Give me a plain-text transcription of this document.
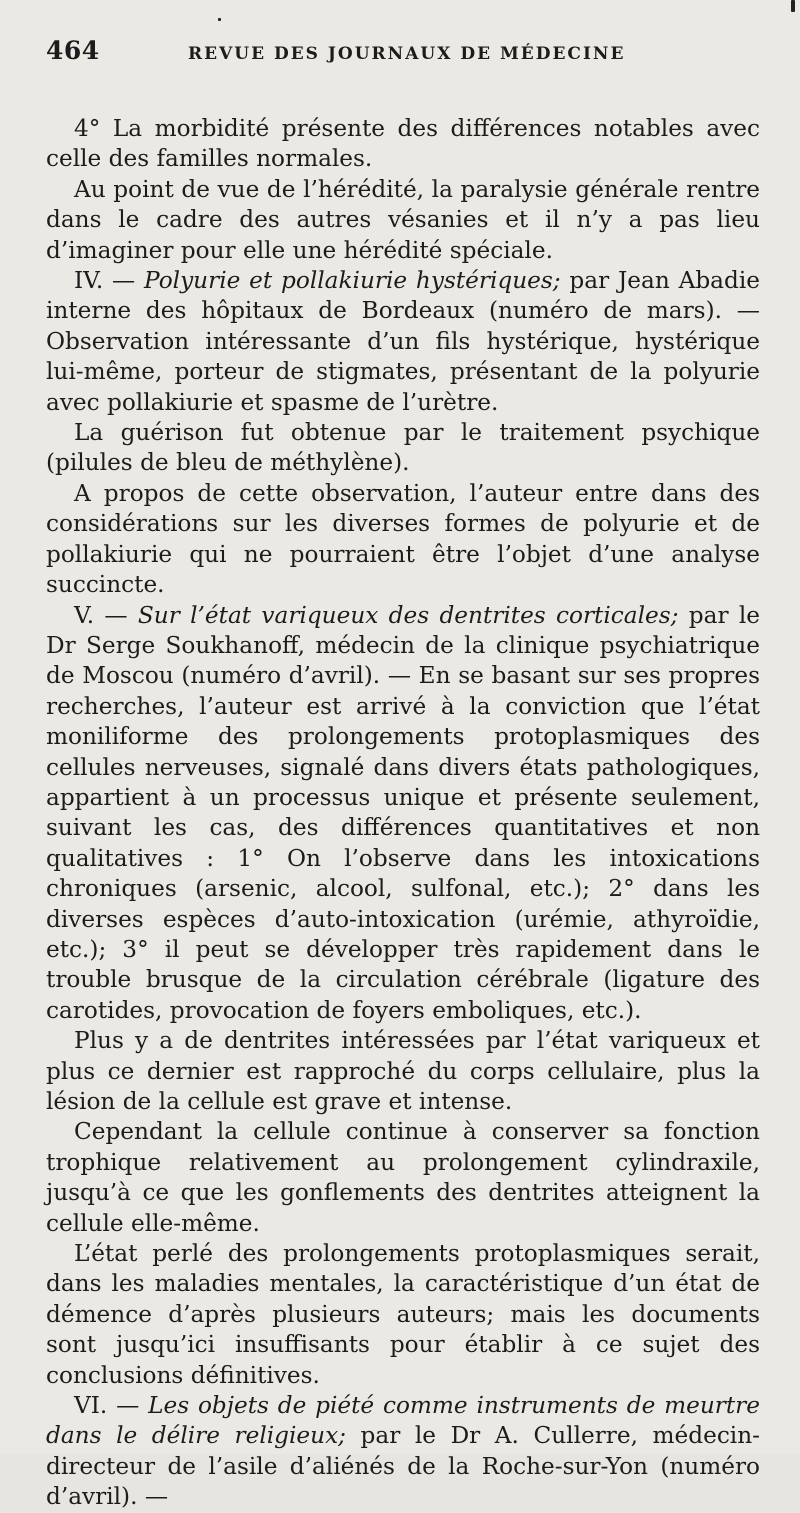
464	REVUE DES JOURNAUX DE MÉDECINE

4° La morbidité présente des différences notables avec celle des familles normales.

Au point de vue de l’hérédité, la paralysie générale rentre dans le cadre des autres vésanies et il n’y a pas lieu d’imaginer pour elle une hérédité spéciale.

IV. — Polyurie et pollakiurie hystériques; par Jean Abadie interne des hôpitaux de Bordeaux (numéro de mars). — Observation intéressante d’un fils hystérique, hystérique lui-même, porteur de stigmates, présentant de la polyurie avec pollakiurie et spasme de l’urètre.

La guérison fut obtenue par le traitement psychique (pilules de bleu de méthylène).

A propos de cette observation, l’auteur entre dans des considérations sur les diverses formes de polyurie et de pollakiurie qui ne pourraient être l’objet d’une analyse succincte.

V. — Sur l’état variqueux des dentrites corticales; par le Dr Serge Soukhanoff, médecin de la clinique psychiatrique de Moscou (numéro d’avril). — En se basant sur ses propres recherches, l’auteur est arrivé à la conviction que l’état moniliforme des prolongements protoplasmiques des cellules nerveuses, signalé dans divers états pathologiques, appartient à un processus unique et présente seulement, suivant les cas, des différences quantitatives et non qualitatives : 1° On l’observe dans les intoxications chroniques (arsenic, alcool, sulfonal, etc.); 2° dans les diverses espèces d’auto-intoxication (urémie, athyroïdie, etc.); 3° il peut se développer très rapidement dans le trouble brusque de la circulation cérébrale (ligature des carotides, provocation de foyers emboliques, etc.).

Plus y a de dentrites intéressées par l’état variqueux et plus ce dernier est rapproché du corps cellulaire, plus la lésion de la cellule est grave et intense.

Cependant la cellule continue à conserver sa fonction trophique relativement au prolongement cylindraxile, jusqu’à ce que les gonflements des dentrites atteignent la cellule elle-même.

L’état perlé des prolongements protoplasmiques serait, dans les maladies mentales, la caractéristique d’un état de démence d’après plusieurs auteurs; mais les documents sont jusqu’ici insuffisants pour établir à ce sujet des conclusions définitives.

VI. — Les objets de piété comme instruments de meurtre dans le délire religieux; par le Dr A. Cullerre, médecin-directeur de l’asile d’aliénés de la Roche-sur-Yon (numéro d’avril). —
